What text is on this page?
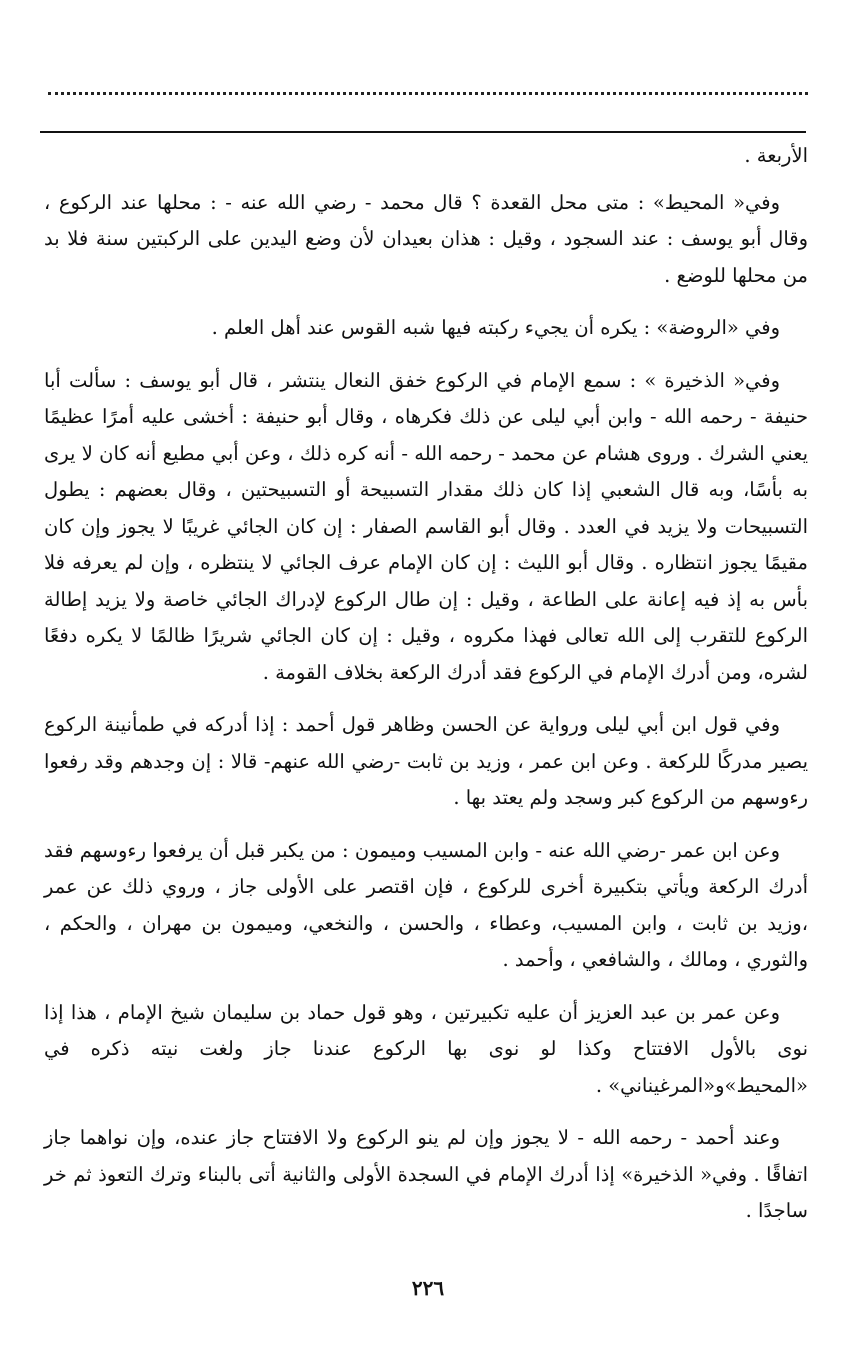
الأربعة .

وفي« المحيط» : متى محل القعدة ؟ قال محمد - رضي الله عنه - : محلها عند الركوع ، وقال أبو يوسف : عند السجود ، وقيل : هذان بعيدان لأن وضع اليدين على الركبتين سنة فلا بد من محلها للوضع .

وفي «الروضة» : يكره أن يجيء ركبته فيها شبه القوس عند أهل العلم .

وفي« الذخيرة » : سمع الإمام في الركوع خفق النعال ينتشر ، قال أبو يوسف : سألت أبا حنيفة - رحمه الله - وابن أبي ليلى عن ذلك فكرهاه ، وقال أبو حنيفة : أخشى عليه أمرًا عظيمًا يعني الشرك . وروى هشام عن محمد - رحمه الله - أنه كره ذلك ، وعن أبي مطيع أنه كان لا يرى به بأسًا، وبه قال الشعبي إذا كان ذلك مقدار التسبيحة أو التسبيحتين ، وقال بعضهم : يطول التسبيحات ولا يزيد في العدد . وقال أبو القاسم الصفار : إن كان الجائي غريبًا لا يجوز وإن كان مقيمًا يجوز انتظاره . وقال أبو الليث : إن كان الإمام عرف الجائي لا ينتظره ، وإن لم يعرفه فلا بأس به إذ فيه إعانة على الطاعة ، وقيل : إن طال الركوع لإدراك الجائي خاصة ولا يزيد إطالة الركوع للتقرب إلى الله تعالى فهذا مكروه ، وقيل : إن كان الجائي شريرًا ظالمًا لا يكره دفعًا لشره، ومن أدرك الإمام في الركوع فقد أدرك الركعة بخلاف القومة .

وفي قول ابن أبي ليلى ورواية عن الحسن وظاهر قول أحمد : إذا أدركه في طمأنينة الركوع يصير مدركًا للركعة . وعن ابن عمر ، وزيد بن ثابت -رضي الله عنهم- قالا : إن وجدهم وقد رفعوا رءوسهم من الركوع كبر وسجد ولم يعتد بها .

وعن ابن عمر -رضي الله عنه - وابن المسيب وميمون : من يكبر قبل أن يرفعوا رءوسهم فقد أدرك الركعة ويأتي بتكبيرة أخرى للركوع ، فإن اقتصر على الأولى جاز ، وروي ذلك عن عمر ،وزيد بن ثابت ، وابن المسيب، وعطاء ، والحسن ، والنخعي، وميمون بن مهران ، والحكم ، والثوري ، ومالك ، والشافعي ، وأحمد .

وعن عمر بن عبد العزيز أن عليه تكبيرتين ، وهو قول حماد بن سليمان شيخ الإمام ، هذا إذا نوى بالأول الافتتاح وكذا لو نوى بها الركوع عندنا جاز ولغت نيته ذكره في «المحيط»و«المرغيناني» .

وعند أحمد - رحمه الله - لا يجوز وإن لم ينو الركوع ولا الافتتاح جاز عنده، وإن نواهما جاز اتفاقًا . وفي« الذخيرة» إذا أدرك الإمام في السجدة الأولى والثانية أتى بالبناء وترك التعوذ ثم خر ساجدًا .

٢٢٦
